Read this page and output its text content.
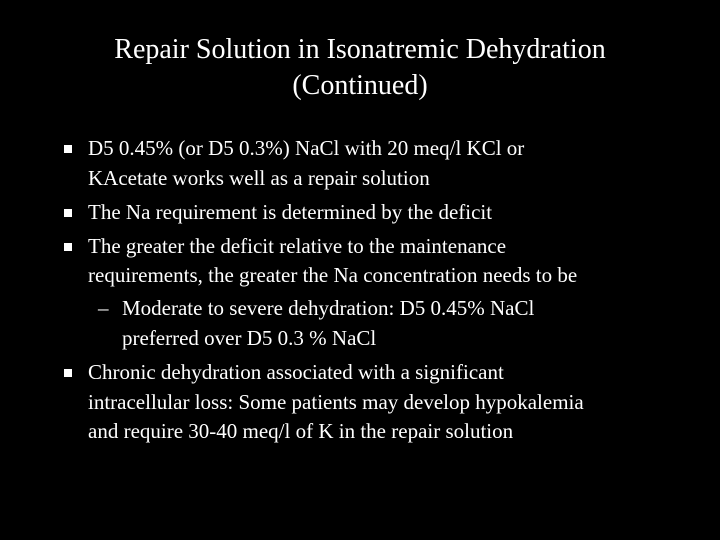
Repair Solution in Isonatremic Dehydration
(Continued)
D5 0.45% (or D5 0.3%) NaCl with 20 meq/l KCl or
KAcetate works well as a repair solution
The Na requirement is determined by the deficit
The greater the deficit relative to the maintenance
requirements, the greater the Na concentration needs to be
– Moderate to severe dehydration: D5 0.45% NaCl
preferred over D5 0.3 % NaCl
Chronic dehydration associated with a significant
intracellular loss: Some patients may develop hypokalemia
and require 30-40 meq/l of K in the repair solution
